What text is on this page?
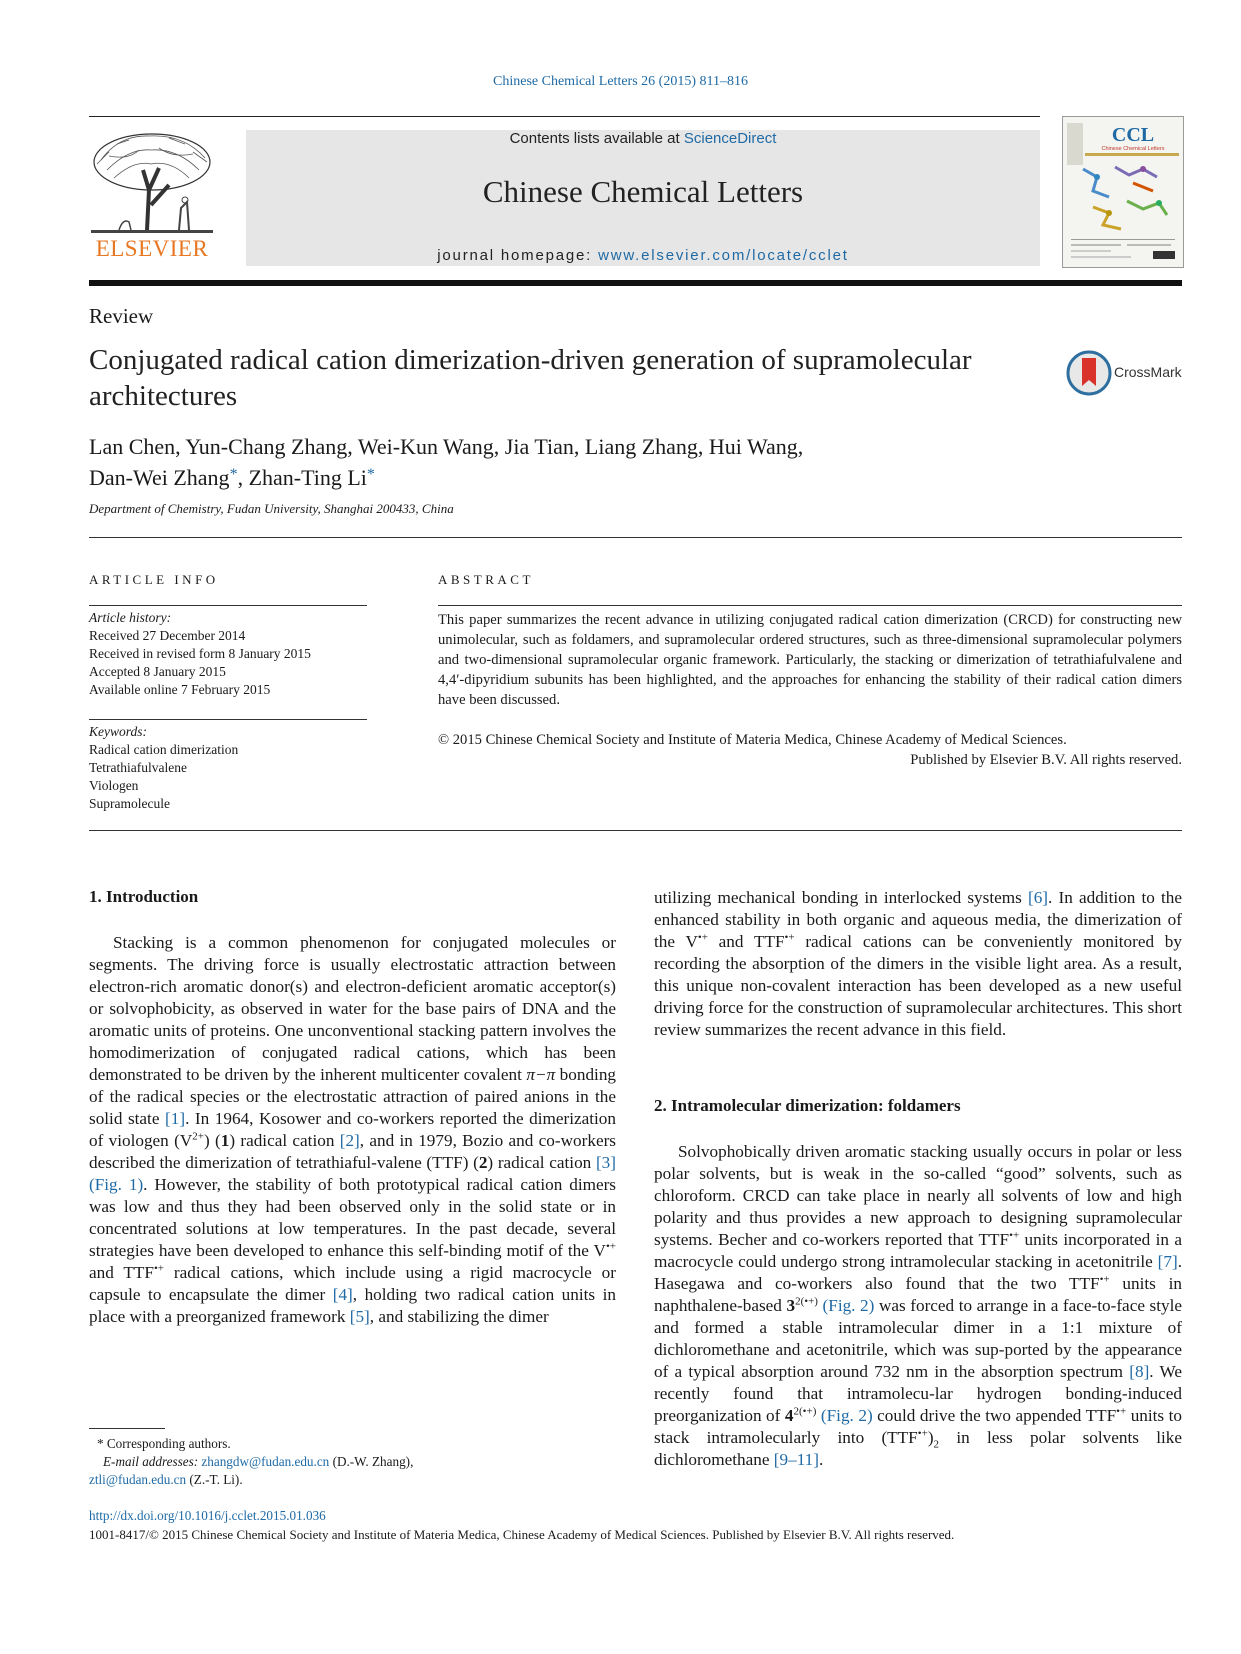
Chinese Chemical Letters 26 (2015) 811–816
ELSEVIER
Contents lists available at ScienceDirect
Chinese Chemical Letters
journal homepage: www.elsevier.com/locate/cclet
CCL
Chinese Chemical Letters
Review
Conjugated radical cation dimerization-driven generation of supramolecular architectures
CrossMark
Lan Chen, Yun-Chang Zhang, Wei-Kun Wang, Jia Tian, Liang Zhang, Hui Wang,
Dan-Wei Zhang*, Zhan-Ting Li*
Department of Chemistry, Fudan University, Shanghai 200433, China
ARTICLE INFO
Article history:
Received 27 December 2014
Received in revised form 8 January 2015
Accepted 8 January 2015
Available online 7 February 2015
Keywords:
Radical cation dimerization
Tetrathiafulvalene
Viologen
Supramolecule
ABSTRACT
This paper summarizes the recent advance in utilizing conjugated radical cation dimerization (CRCD) for constructing new unimolecular, such as foldamers, and supramolecular ordered structures, such as three-dimensional supramolecular polymers and two-dimensional supramolecular organic framework. Particularly, the stacking or dimerization of tetrathiafulvalene and 4,4′-dipyridium subunits has been highlighted, and the approaches for enhancing the stability of their radical cation dimers have been discussed.
© 2015 Chinese Chemical Society and Institute of Materia Medica, Chinese Academy of Medical Sciences.
Published by Elsevier B.V. All rights reserved.
1. Introduction
Stacking is a common phenomenon for conjugated molecules or segments. The driving force is usually electrostatic attraction between electron-rich aromatic donor(s) and electron-deficient aromatic acceptor(s) or solvophobicity, as observed in water for the base pairs of DNA and the aromatic units of proteins. One unconventional stacking pattern involves the homodimerization of conjugated radical cations, which has been demonstrated to be driven by the inherent multicenter covalent π−π bonding of the radical species or the electrostatic attraction of paired anions in the solid state [1]. In 1964, Kosower and co-workers reported the dimerization of viologen $(V^{2+})$ (1) radical cation [2], and in 1979, Bozio and co-workers described the dimerization of tetrathiaful-valene (TTF) (2) radical cation [3] (Fig. 1). However, the stability of both prototypical radical cation dimers was low and thus they had been observed only in the solid state or in concentrated solutions at low temperatures. In the past decade, several strategies have been developed to enhance this self-binding motif of the V•+ and TTF•+ radical cations, which include using a rigid macrocycle or capsule to encapsulate the dimer [4], holding two radical cation units in place with a preorganized framework [5], and stabilizing the dimer
utilizing mechanical bonding in interlocked systems [6]. In addition to the enhanced stability in both organic and aqueous media, the dimerization of the V•+ and TTF•+ radical cations can be conveniently monitored by recording the absorption of the dimers in the visible light area. As a result, this unique non-covalent interaction has been developed as a new useful driving force for the construction of supramolecular architectures. This short review summarizes the recent advance in this field.
2. Intramolecular dimerization: foldamers
Solvophobically driven aromatic stacking usually occurs in polar or less polar solvents, but is weak in the so-called “good” solvents, such as chloroform. CRCD can take place in nearly all solvents of low and high polarity and thus provides a new approach to designing supramolecular systems. Becher and co-workers reported that TTF•+ units incorporated in a macrocycle could undergo strong intramolecular stacking in acetonitrile [7]. Hasegawa and co-workers also found that the two TTF•+ units in naphthalene-based $3^{2(•+)}$ (Fig. 2) was forced to arrange in a face-to-face style and formed a stable intramolecular dimer in a 1:1 mixture of dichloromethane and acetonitrile, which was sup-ported by the appearance of a typical absorption around 732 nm in the absorption spectrum [8]. We recently found that intramolecu-lar hydrogen bonding-induced preorganization of $4^{2(•+)}$ (Fig. 2) could drive the two appended TTF•+ units to stack intramolecularly into $(TTF^{•+})_2$ in less polar solvents like dichloromethane [9–11].
* Corresponding authors.
E-mail addresses: zhangdw@fudan.edu.cn (D.-W. Zhang),
ztli@fudan.edu.cn (Z.-T. Li).
http://dx.doi.org/10.1016/j.cclet.2015.01.036
1001-8417/© 2015 Chinese Chemical Society and Institute of Materia Medica, Chinese Academy of Medical Sciences. Published by Elsevier B.V. All rights reserved.
